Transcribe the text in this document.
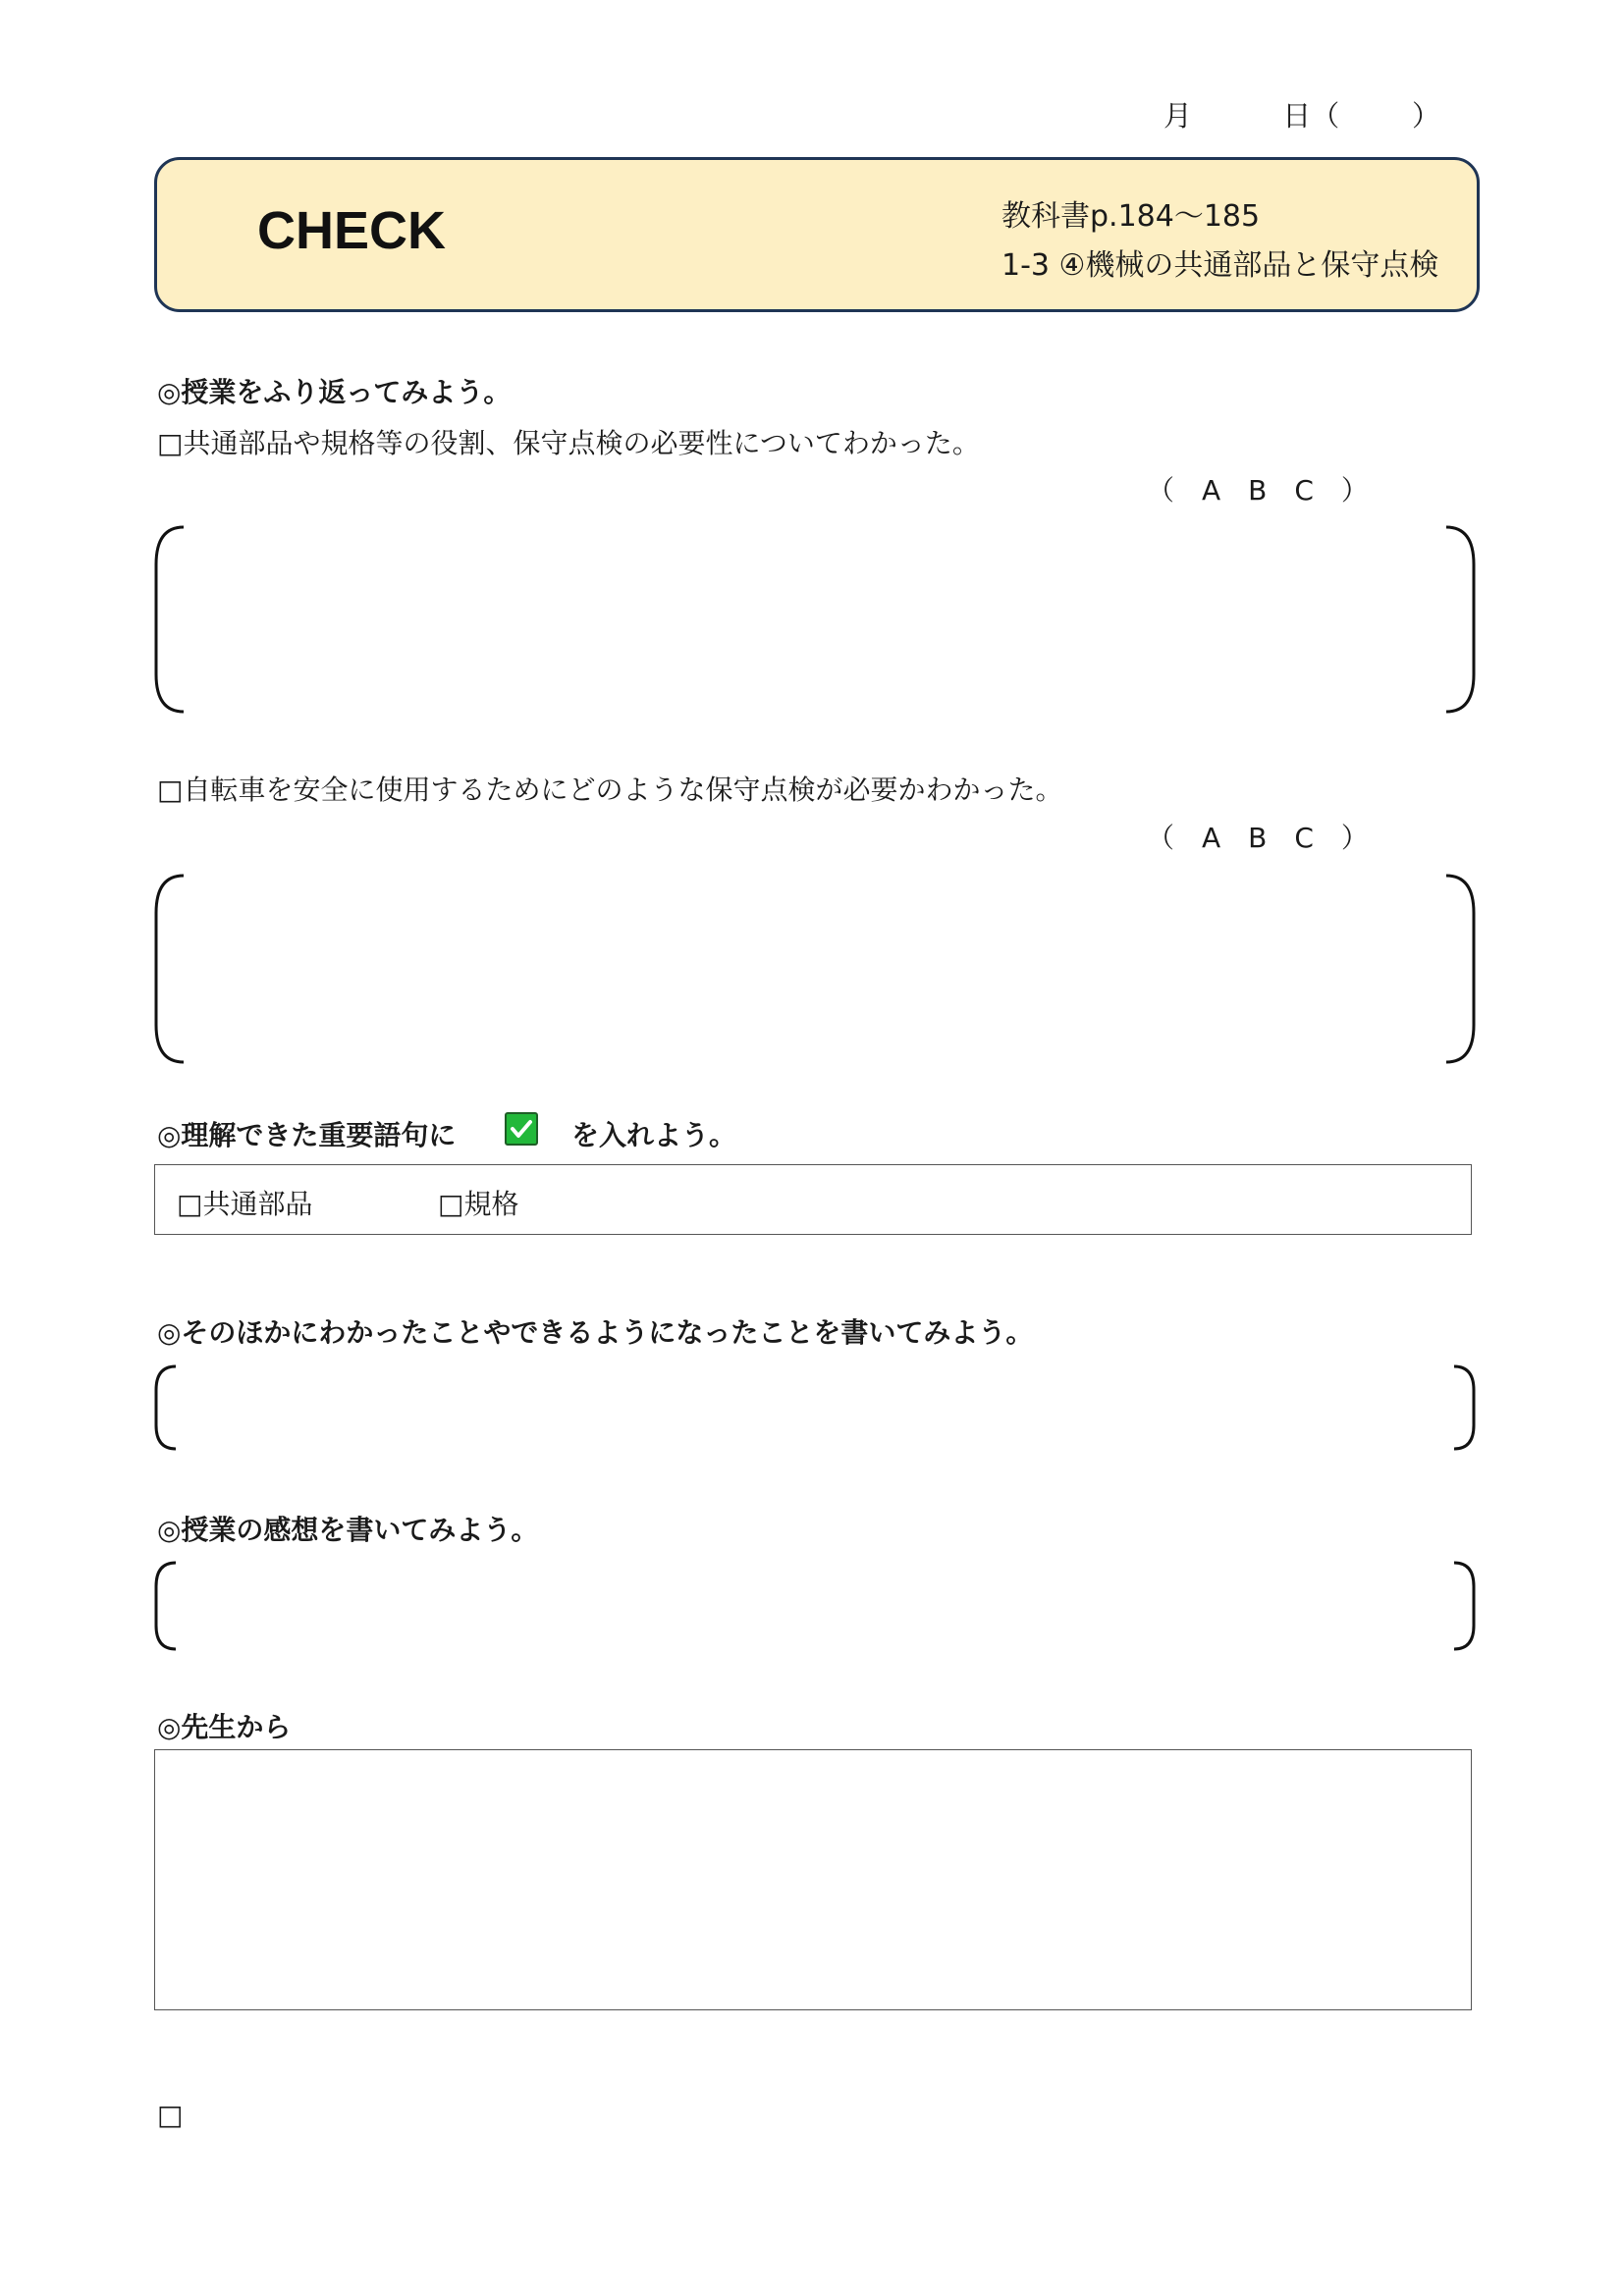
月	日（	）
CHECK	教科書p.184～185
1-3 ④機械の共通部品と保守点検
◎授業をふり返ってみよう。
□共通部品や規格等の役割、保守点検の必要性についてわかった。
（　A　B　C　）
□自転車を安全に使用するためにどのような保守点検が必要かわかった。
（　A　B　C　）
◎理解できた重要語句に	を入れよう。
□共通部品	□規格
◎そのほかにわかったことやできるようになったことを書いてみよう。
◎授業の感想を書いてみよう。
◎先生から
□
